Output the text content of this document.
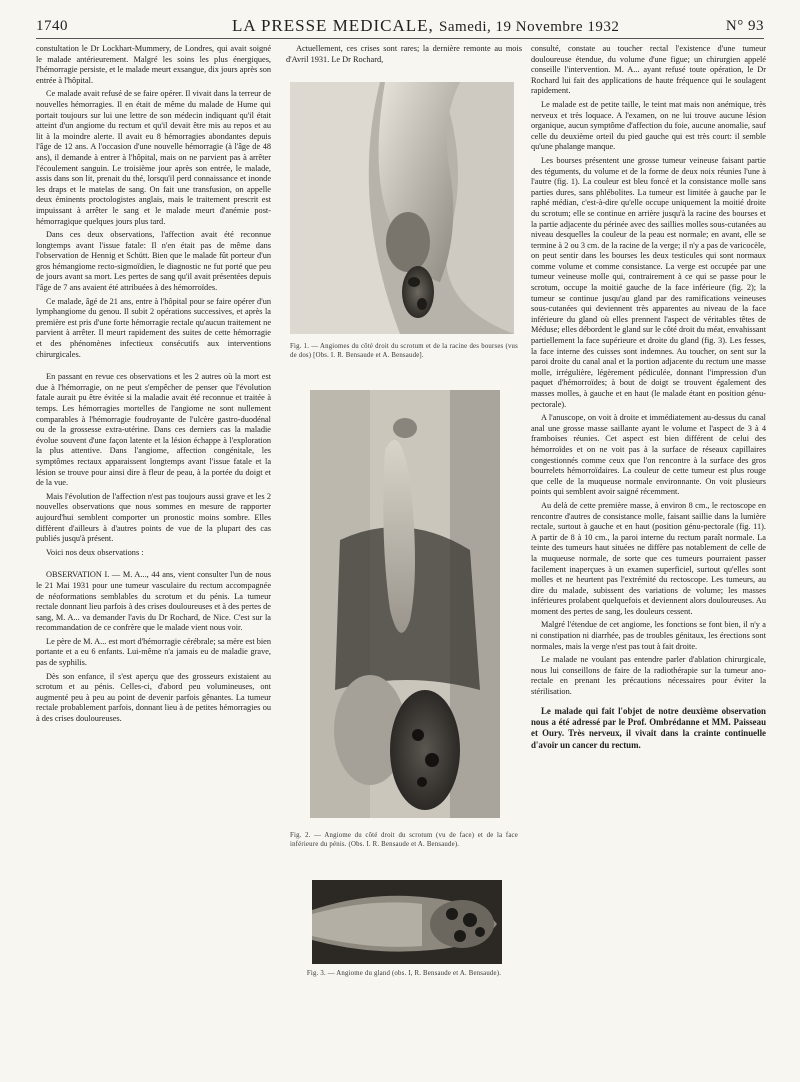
1740	LA PRESSE MEDICALE, Samedi, 19 Novembre 1932	N° 93

constultation le Dr Lockhart-Mummery, de Londres, qui avait soigné le malade antérieurement. Malgré les soins les plus énergiques, l'hémorragie persiste, et le malade meurt exsangue, dix jours après son entrée à l'hôpital.

Ce malade avait refusé de se faire opérer. Il vivait dans la terreur de nouvelles hémorragies. Il en était de même du malade de Hume qui portait toujours sur lui une lettre de son médecin indiquant qu'il était atteint d'un angiome du rectum et qu'il devait être mis au repos et au lit à la moindre alerte. Il avait eu 8 hémorragies abondantes depuis l'âge de 12 ans. A l'occasion d'une nouvelle hémorragie (à l'âge de 48 ans), il demande à entrer à l'hôpital, mais on ne parvient pas à arrêter l'écoulement sanguin. Le troisième jour après son entrée, le malade, assis dans son lit, prenait du thé, lorsqu'il perd connaissance et inonde les draps et le matelas de sang. On fait une transfusion, on appelle deux éminents proctologistes anglais, mais le traitement prescrit est impuissant à arrêter le sang et le malade meurt d'anémie post-hémorragique quelques jours plus tard.

Dans ces deux observations, l'affection avait été reconnue longtemps avant l'issue fatale: Il n'en était pas de même dans l'observation de Hennig et Schütt. Bien que le malade fût porteur d'un gros hémangiome recto-sigmoïdien, le diagnostic ne fut porté que peu de jours avant sa mort. Les pertes de sang qu'il avait présentées depuis l'âge de 7 ans avaient été attribuées à des hémorroïdes.

Ce malade, âgé de 21 ans, entre à l'hôpital pour se faire opérer d'un lymphangiome du genou. Il subit 2 opérations successives, et après la première est pris d'une forte hémorragie rectale qu'aucun traitement ne parvient à arrêter. Il meurt rapidement des suites de cette hémorragie et des phénomènes infectieux consécutifs aux interventions chirurgicales.

En passant en revue ces observations et les 2 autres où la mort est due à l'hémorragie, on ne peut s'empêcher de penser que l'évolution fatale aurait pu être évitée si la maladie avait été reconnue et traitée à temps. Les hémorragies mortelles de l'angiome ne sont nullement comparables à l'hémorragie foudroyante de l'ulcère gastro-duodénal ou de la grossesse extra-utérine. Dans ces derniers cas la maladie évolue souvent d'une façon latente et la lésion échappe à l'exploration la plus attentive. Dans l'angiome, affection congénitale, les symptômes rectaux apparaissent longtemps avant l'issue fatale et la lésion se trouve pour ainsi dire à fleur de peau, à la portée du doigt et de la vue.

Mais l'évolution de l'affection n'est pas toujours aussi grave et les 2 nouvelles observations que nous sommes en mesure de rapporter aujourd'hui semblent comporter un pronostic moins sombre. Elles diffèrent d'ailleurs à d'autres points de vue de la plupart des cas publiés jusqu'à présent.

Voici nos deux observations :

OBSERVATION I. — M. A..., 44 ans, vient consulter l'un de nous le 21 Mai 1931 pour une tumeur vasculaire du rectum accompagnée de néoformations semblables du scrotum et du pénis. La tumeur rectale donnant lieu parfois à des crises douloureuses et à des pertes de sang, M. A... va demander l'avis du Dr Rochard, de Nice. C'est sur la recommandation de ce confrère que le malade vient nous voir.

Le père de M. A... est mort d'hémorragie cérébrale; sa mère est bien portante et a eu 6 enfants. Lui-même n'a jamais eu de maladie grave, pas de syphilis.

Dès son enfance, il s'est aperçu que des grosseurs existaient au scrotum et au pénis. Celles-ci, d'abord peu volumineuses, ont augmenté peu à peu au point de devenir parfois gênantes. La tumeur rectale probablement parfois, donnant lieu à de petites hémorragies ou à des crises douloureuses.

Actuellement, ces crises sont rares; la dernière remonte au mois d'Avril 1931. Le Dr Rochard,

Fig. 1. — Angiomes du côté droit du scrotum et de la racine des bourses (vus de dos) [Obs. I. R. Bensaude et A. Bensaude].
Fig. 2. — Angiome du côté droit du scrotum (vu de face) et de la face inférieure du pénis. (Obs. I. R. Bensaude et A. Bensaude).
Fig. 3. — Angiome du gland (obs. I, R. Bensaude et A. Bensaude).

consulté, constate au toucher rectal l'existence d'une tumeur douloureuse étendue, du volume d'une figue; un chirurgien appelé conseille l'intervention. M. A... ayant refusé toute opération, le Dr Rochard lui fait des applications de haute fréquence qui le soulagent rapidement.

Le malade est de petite taille, le teint mat mais non anémique, très nerveux et très loquace. A l'examen, on ne lui trouve aucune lésion organique, aucun symptôme d'affection du foie, aucune anomalie, sauf celle du deuxième orteil du pied gauche qui est très court: il semble qu'une phalange manque.

Les bourses présentent une grosse tumeur veineuse faisant partie des téguments, du volume et de la forme de deux noix réunies l'une à l'autre (fig. 1). La couleur est bleu foncé et la consistance molle sans parties dures, sans phlébolites. La tumeur est limitée à gauche par le raphé médian, c'est-à-dire qu'elle occupe uniquement la moitié droite du scrotum; elle se continue en arrière jusqu'à la racine des bourses et la partie adjacente du périnée avec des saillies molles sous-cutanées au niveau desquelles la couleur de la peau est normale; en avant, elle se termine à 2 ou 3 cm. de la racine de la verge; il n'y a pas de varicocèle, on peut sentir dans les bourses les deux testicules qui sont normaux comme volume et comme consistance. La verge est occupée par une tumeur veineuse molle qui, contrairement à ce qui se passe pour le scrotum, occupe la moitié gauche de la face inférieure (fig. 2); la tumeur se continue jusqu'au gland par des ramifications veineuses sous-cutanées qui deviennent très apparentes au niveau de la face inférieure du gland où elles prennent l'aspect de véritables têtes de Méduse; elles débordent le gland sur le côté droit du méat, envahissant partiellement la face supérieure et droite du gland (fig. 3). Les fesses, la face interne des cuisses sont indemnes. Au toucher, on sent sur la paroi droite du canal anal et la portion adjacente du rectum une masse molle, irrégulière, légèrement pédiculée, donnant l'impression d'un paquet d'hémorroïdes; à bout de doigt se trouvent également des masses molles, à gauche et en haut (le malade étant en position génu-pectorale).

A l'anuscope, on voit à droite et immédiatement au-dessus du canal anal une grosse masse saillante ayant le volume et l'aspect de 3 à 4 framboises réunies. Cet aspect est bien différent de celui des hémorroïdes et on ne voit pas à la surface de réseaux capillaires congestionnés comme ceux que l'on rencontre à la surface des gros bourrelets hémorroïdaires. La couleur de cette tumeur est plus rouge que celle de la muqueuse normale environnante. On voit plusieurs points qui semblent avoir saigné récemment.

Au delà de cette première masse, à environ 8 cm., le rectoscope en rencontre d'autres de consistance molle, faisant saillie dans la lumière rectale, surtout à gauche et en haut (position génu-pectorale (fig. 11). A partir de 8 à 10 cm., la paroi interne du rectum paraît normale. La teinte des tumeurs haut situées ne diffère pas notablement de celle de la muqueuse normale, de sorte que ces tumeurs pourraient passer facilement inaperçues à un examen superficiel, surtout qu'elles sont molles et ne heurtent pas l'extrémité du rectoscope. Les tumeurs, au dire du malade, subissent des variations de volume; les masses inférieures prolabent quelquefois et deviennent alors douloureuses. Au moment des pertes de sang, les douleurs cessent.

Malgré l'étendue de cet angiome, les fonctions se font bien, il n'y a ni constipation ni diarrhée, pas de troubles génitaux, les érections sont normales, mais la verge n'est pas tout à fait droite.

Le malade ne voulant pas entendre parler d'ablation chirurgicale, nous lui conseillons de faire de la radiothérapie sur la tumeur ano-rectale en prenant les précautions nécessaires pour éviter la stérilisation.

Le malade qui fait l'objet de notre deuxième observation nous a été adressé par le Prof. Ombrédanne et MM. Paisseau et Oury. Très nerveux, il vivait dans la crainte continuelle d'avoir un cancer du rectum.
